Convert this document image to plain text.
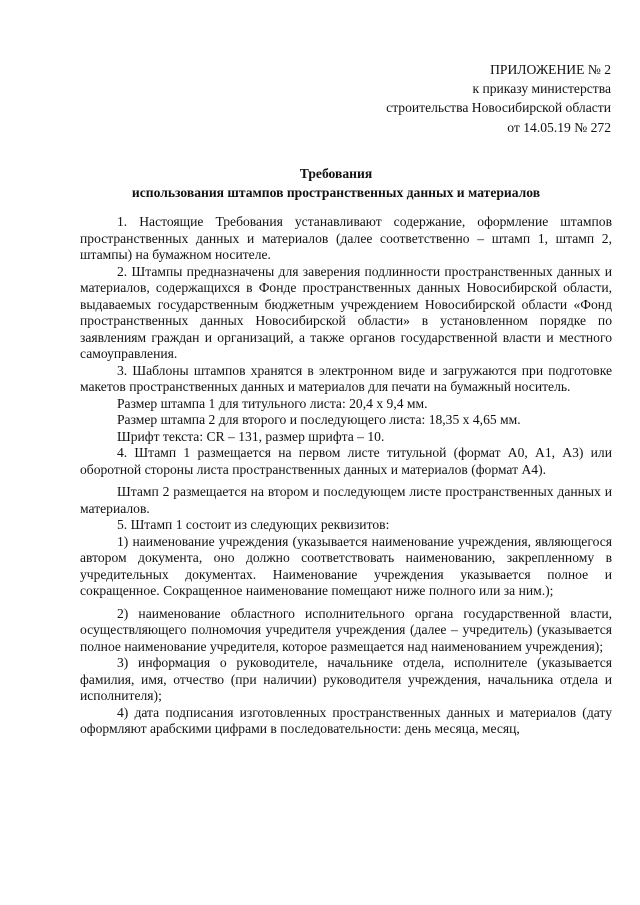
ПРИЛОЖЕНИЕ № 2
к приказу министерства
строительства Новосибирской области
от 14.05.19 № 272
Требования
использования штампов пространственных данных и материалов

1. Настоящие Требования устанавливают содержание, оформление штампов пространственных данных и материалов (далее соответственно – штамп 1, штамп 2, штампы) на бумажном носителе.

2. Штампы предназначены для заверения подлинности пространственных данных и материалов, содержащихся в Фонде пространственных данных Новосибирской области, выдаваемых государственным бюджетным учреждением Новосибирской области «Фонд пространственных данных Новосибирской области» в установленном порядке по заявлениям граждан и организаций, а также органов государственной власти и местного самоуправления.

3. Шаблоны штампов хранятся в электронном виде и загружаются при подготовке макетов пространственных данных и материалов для печати на бумажный носитель.

Размер штампа 1 для титульного листа: 20,4 х 9,4 мм.

Размер штампа 2 для второго и последующего листа: 18,35 х 4,65 мм.

Шрифт текста: CR – 131, размер шрифта – 10.

4. Штамп 1 размещается на первом листе титульной (формат А0, А1, А3) или оборотной стороны листа пространственных данных и материалов (формат А4).

Штамп 2 размещается на втором и последующем листе пространственных данных и материалов.

5. Штамп 1 состоит из следующих реквизитов:

1) наименование учреждения (указывается наименование учреждения, являющегося автором документа, оно должно соответствовать наименованию, закрепленному в учредительных документах. Наименование учреждения указывается полное и сокращенное. Сокращенное наименование помещают ниже полного или за ним.);

2) наименование областного исполнительного органа государственной власти, осуществляющего полномочия учредителя учреждения (далее – учредитель) (указывается полное наименование учредителя, которое размещается над наименованием учреждения);

3) информация о руководителе, начальнике отдела, исполнителе (указывается фамилия, имя, отчество (при наличии) руководителя учреждения, начальника отдела и исполнителя);

4) дата подписания изготовленных пространственных данных и материалов (дату оформляют арабскими цифрами в последовательности: день месяца, месяц,
